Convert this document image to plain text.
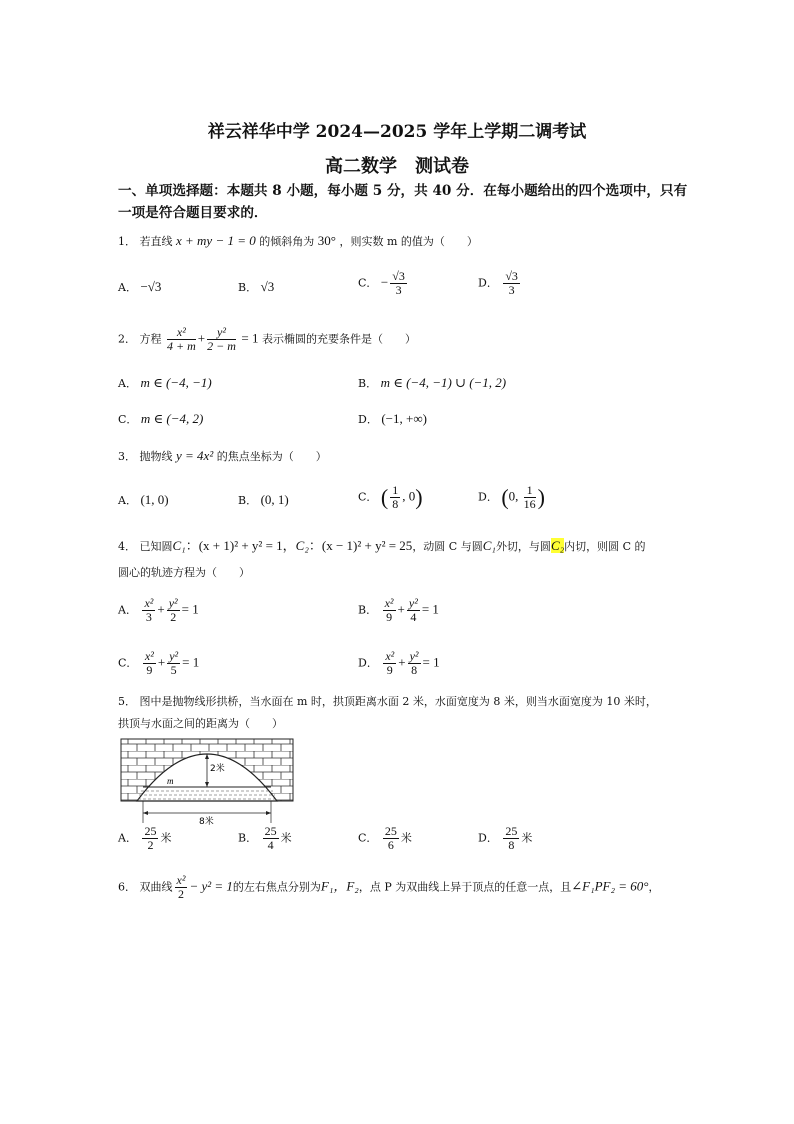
祥云祥华中学 2024—2025 学年上学期二调考试
高二数学　测试卷
一、单项选择题：本题共 8 小题，每小题 5 分，共 40 分．在每小题给出的四个选项中，只有
一项是符合题目要求的．
1． 若直线 x + my − 1 = 0 的倾斜角为 30° ，则实数 m 的值为（　　）
A． −√3	B． √3	C． − $\frac{√3}{3}$	D． $\frac{√3}{3}$
2． 方程 $\frac{\text{x²}}{4 + m} + \frac{\text{y²}}{2 - m} = 1$ 表示椭圆的充要条件是（　　）
A． m ∈ (−4, −1)	B． m ∈ (−4, −1) ∪ (−1, 2)
C． m ∈ (−4, 2)	D． (−1, +∞)
3． 抛物线 y = 4x² 的焦点坐标为（　　）
A． (1, 0)	B． (0, 1)	C． ( $\frac{1}{8}$ , 0)	D． (0, $\frac{1}{16}$ )
4． 已知圆C₁：(x + 1)² + y² = 1，C₂：(x − 1)² + y² = 25，动圆 C 与圆C₁外切，与圆C₂内切，则圆 C 的
圆心的轨迹方程为（　　）
A． $\frac{\text{x²}}{3} + \frac{\text{y²}}{2} = 1$	B． $\frac{\text{x²}}{9} + \frac{\text{y²}}{4} = 1$
C． $\frac{\text{x²}}{9} + \frac{\text{y²}}{5} = 1$	D． $\frac{\text{x²}}{9} + \frac{\text{y²}}{8} = 1$
5． 图中是抛物线形拱桥，当水面在 m 时，拱顶距离水面 2 米，水面宽度为 8 米，则当水面宽度为 10 米时，
拱顶与水面之间的距离为（　　）
2米
m
8米
A． $\frac{25}{2}$ 米	B． $\frac{25}{4}$ 米	C． $\frac{25}{6}$ 米	D． $\frac{25}{8}$ 米
6． 双曲线 $\frac{\text{x²}}{2} - y^2 = 1$的左右焦点分别为F₁，F₂，点 P 为双曲线上异于顶点的任意一点，且∠F₁PF₂ = 60°，
